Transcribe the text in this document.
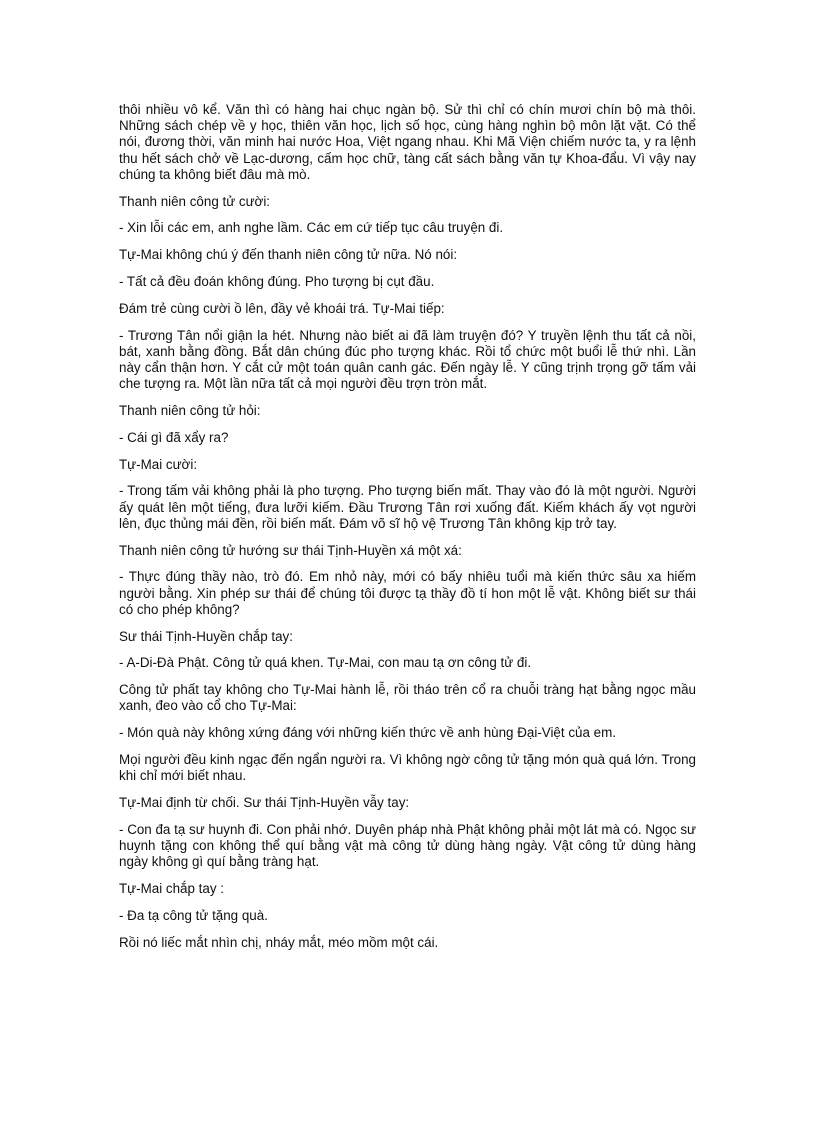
thôi nhiều vô kể. Văn thì có hàng hai chục ngàn bộ. Sử thì chỉ có chín mươi chín bộ mà thôi. Những sách chép về y học, thiên văn học, lịch số học, cùng hàng nghìn bộ môn lặt vặt. Có thể nói, đương thời, văn minh hai nước Hoa, Việt ngang nhau. Khi Mã Viện chiếm nước ta, y ra lệnh thu hết sách chở về Lạc-dương, cấm học chữ, tàng cất sách bằng văn tự Khoa-đẩu. Vì vậy nay chúng ta không biết đâu mà mò.

Thanh niên công tử cười:

- Xin lỗi các em, anh nghe lầm. Các em cứ tiếp tục câu truyện đi.

Tự-Mai không chú ý đến thanh niên công tử nữa. Nó nói:

- Tất cả đều đoán không đúng. Pho tượng bị cụt đầu.

Đám trẻ cùng cười ồ lên, đầy vẻ khoái trá. Tự-Mai tiếp:

- Trương Tân nổi giận la hét. Nhưng nào biết ai đã làm truyện đó? Y truyền lệnh thu tất cả nồi, bát, xanh bằng đồng. Bắt dân chúng đúc pho tượng khác. Rồi tổ chức một buổi lễ thứ nhì. Lần này cẩn thận hơn. Y cắt cử một toán quân canh gác. Đến ngày lễ. Y cũng trịnh trọng gỡ tấm vải che tượng ra. Một lần nữa tất cả mọi người đều trợn tròn mắt.

Thanh niên công tử hỏi:

- Cái gì đã xẩy ra?

Tự-Mai cười:

- Trong tấm vải không phải là pho tượng. Pho tượng biến mất. Thay vào đó là một người. Người ấy quát lên một tiếng, đưa lưỡi kiếm. Đầu Trương Tân rơi xuống đất. Kiếm khách ấy vọt người lên, đục thủng mái đền, rồi biến mất. Đám võ sĩ hộ vệ Trương Tân không kịp trở tay.

Thanh niên công tử hướng sư thái Tịnh-Huyền xá một xá:

- Thực đúng thầy nào, trò đó. Em nhỏ này, mới có bấy nhiêu tuổi mà kiến thức sâu xa hiếm người bằng. Xin phép sư thái để chúng tôi được tạ thầy đồ tí hon một lễ vật. Không biết sư thái có cho phép không?

Sư thái Tịnh-Huyền chắp tay:

- A-Di-Đà Phật. Công tử quá khen. Tự-Mai, con mau tạ ơn công tử đi.

Công tử phất tay không cho Tự-Mai hành lễ, rồi tháo trên cổ ra chuỗi tràng hạt bằng ngọc mầu xanh, đeo vào cổ cho Tự-Mai:

- Món quà này không xứng đáng với những kiến thức về anh hùng Đại-Việt của em.

Mọi người đều kinh ngạc đến ngẩn người ra. Vì không ngờ công tử tặng món quà quá lớn. Trong khi chỉ mới biết nhau.

Tự-Mai định từ chối. Sư thái Tịnh-Huyền vẫy tay:

- Con đa tạ sư huynh đi. Con phải nhớ. Duyên pháp nhà Phật không phải một lát mà có. Ngọc sư huynh tặng con không thể quí bằng vật mà công tử dùng hàng ngày. Vật công tử dùng hàng ngày không gì quí bằng tràng hạt.

Tự-Mai chắp tay :

- Đa tạ công tử tặng quà.

Rồi nó liếc mắt nhìn chị, nháy mắt, méo mồm một cái.
